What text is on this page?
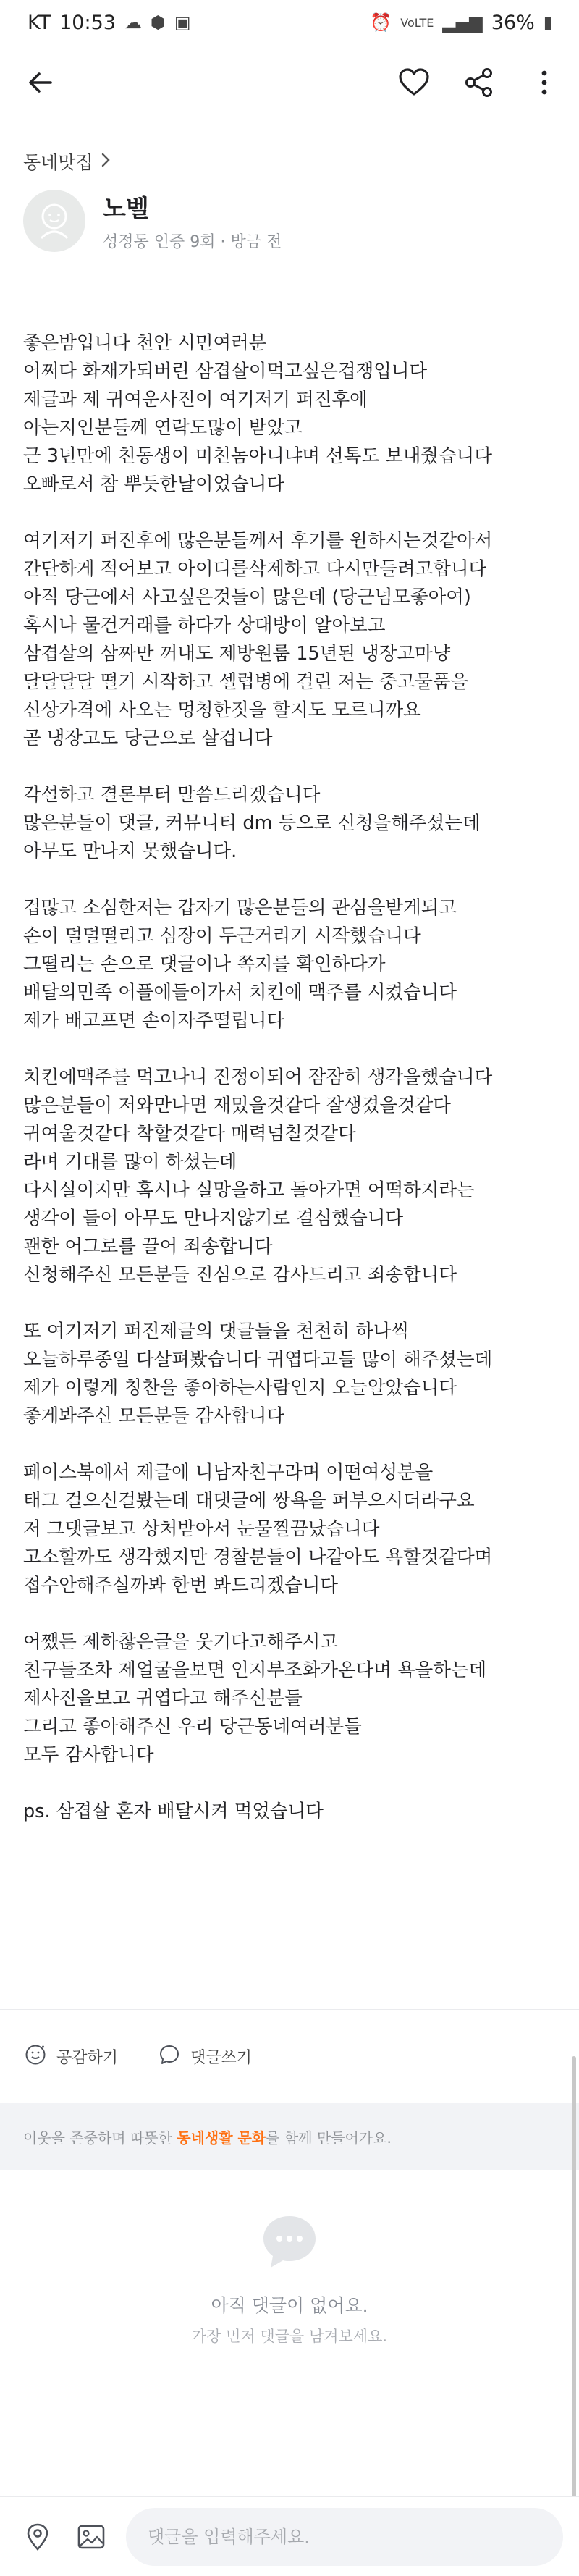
KT 10:53 ☁ ⬢ ▣	⏰ VoLTE ▂▄▆ 36% ▮
동네맛집
노벨
성정동 인증 9회 · 방금 전
좋은밤입니다 천안 시민여러분
어쩌다 화재가되버린 삼겹살이먹고싶은겁쟁입니다
제글과 제 귀여운사진이 여기저기 퍼진후에
아는지인분들께 연락도많이 받았고
근 3년만에 친동생이 미친놈아니냐며 선톡도 보내줬습니다
오빠로서 참 뿌듯한날이었습니다
여기저기 퍼진후에 많은분들께서 후기를 원하시는것같아서
간단하게 적어보고 아이디를삭제하고 다시만들려고합니다
아직 당근에서 사고싶은것들이 많은데 (당근넘모좋아여)
혹시나 물건거래를 하다가 상대방이 알아보고
삼겹살의 삼짜만 꺼내도 제방원룸 15년된 냉장고마냥
달달달달 떨기 시작하고 셀럽병에 걸린 저는 중고물품을
신상가격에 사오는 멍청한짓을 할지도 모르니까요
곧 냉장고도 당근으로 살겁니다
각설하고 결론부터 말씀드리겠습니다
많은분들이 댓글, 커뮤니티 dm 등으로 신청을해주셨는데
아무도 만나지 못했습니다.
겁많고 소심한저는 갑자기 많은분들의 관심을받게되고
손이 덜덜떨리고 심장이 두근거리기 시작했습니다
그떨리는 손으로 댓글이나 쪽지를 확인하다가
배달의민족 어플에들어가서 치킨에 맥주를 시켰습니다
제가 배고프면 손이자주떨립니다
치킨에맥주를 먹고나니 진정이되어 잠잠히 생각을했습니다
많은분들이 저와만나면 재밌을것같다 잘생겼을것같다
귀여울것같다 착할것같다 매력넘칠것같다
라며 기대를 많이 하셨는데
다시실이지만 혹시나 실망을하고 돌아가면 어떡하지라는
생각이 들어 아무도 만나지않기로 결심했습니다
괜한 어그로를 끌어 죄송합니다
신청해주신 모든분들 진심으로 감사드리고 죄송합니다
또 여기저기 퍼진제글의 댓글들을 천천히 하나씩
오늘하루종일 다살펴봤습니다 귀엽다고들 많이 해주셨는데
제가 이렇게 칭찬을 좋아하는사람인지 오늘알았습니다
좋게봐주신 모든분들 감사합니다
페이스북에서 제글에 니남자친구라며 어떤여성분을
태그 걸으신걸봤는데 대댓글에 쌍욕을 퍼부으시더라구요
저 그댓글보고 상처받아서 눈물찔끔났습니다
고소할까도 생각했지만 경찰분들이 나같아도 욕할것같다며
접수안해주실까봐 한번 봐드리겠습니다
어쨌든 제하찮은글을 웃기다고해주시고
친구들조차 제얼굴을보면 인지부조화가온다며 욕을하는데
제사진을보고 귀엽다고 해주신분들
그리고 좋아해주신 우리 당근동네여러분들
모두 감사합니다
ps. 삼겹살 혼자 배달시켜 먹었습니다
공감하기	댓글쓰기
이웃을 존중하며 따뜻한 동네생활 문화 를 함께 만들어가요.
아직 댓글이 없어요.
가장 먼저 댓글을 남겨보세요.
댓글을 입력해주세요.
